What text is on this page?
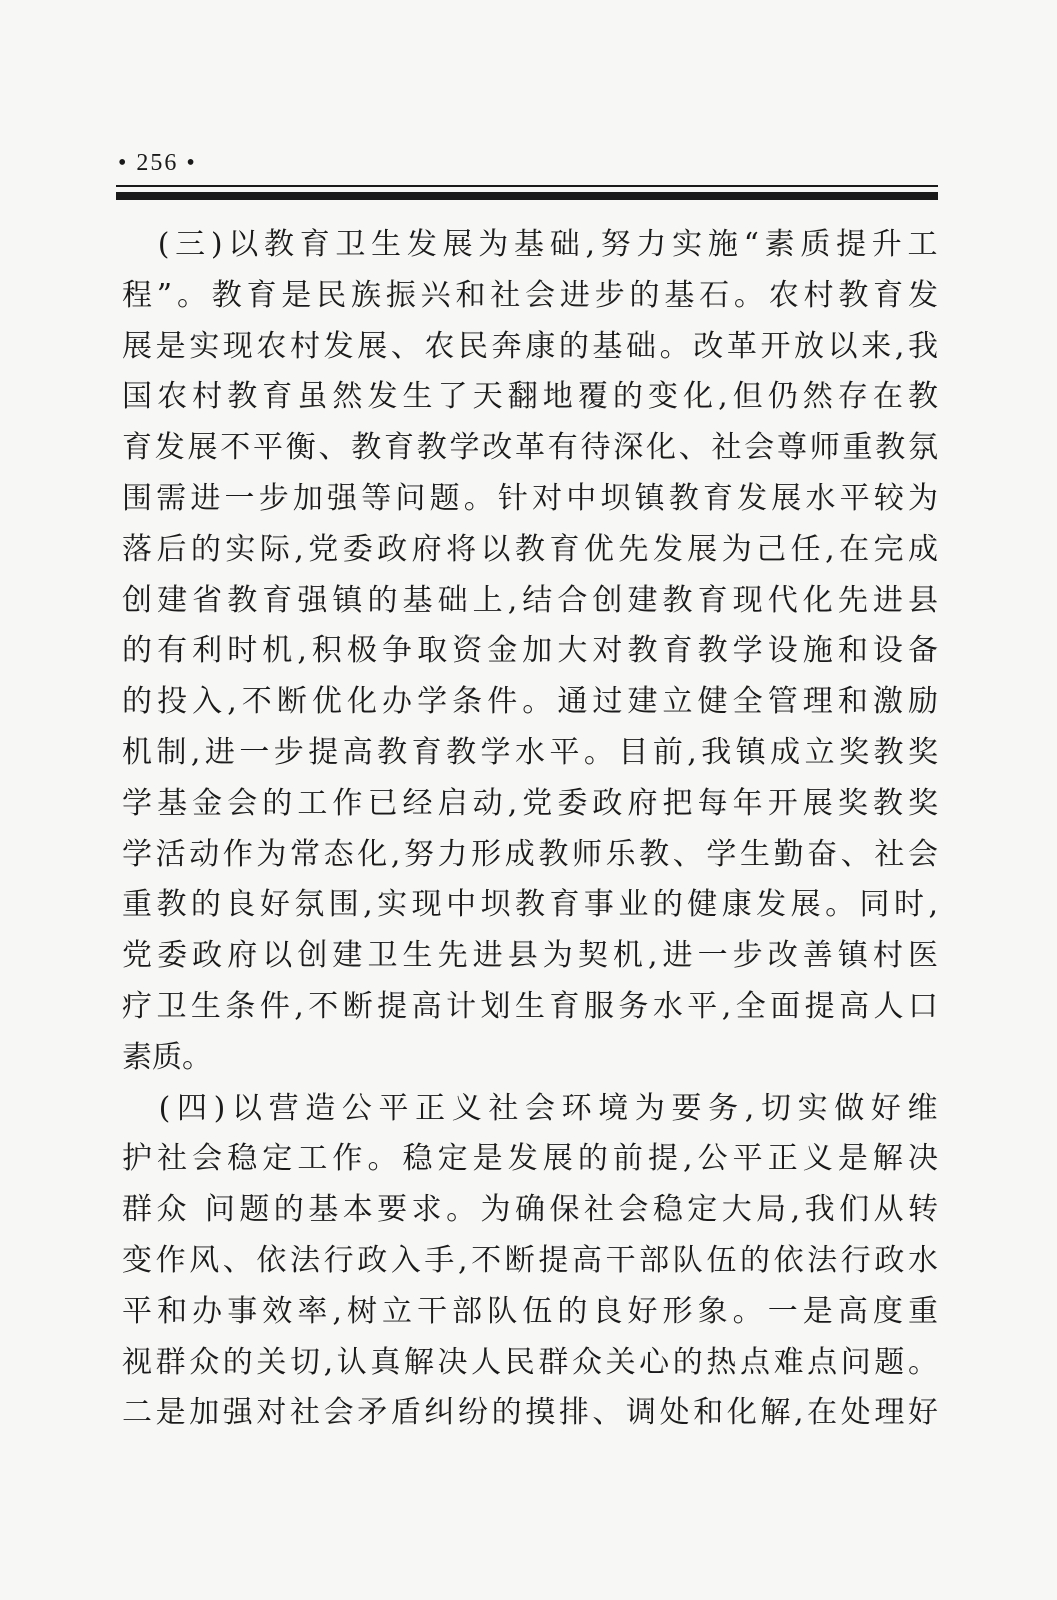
• 256 •
　(三)以教育卫生发展为基础,努力实施“素质提升工
程”。教育是民族振兴和社会进步的基石。农村教育发
展是实现农村发展、农民奔康的基础。改革开放以来,我
国农村教育虽然发生了天翻地覆的变化,但仍然存在教
育发展不平衡、教育教学改革有待深化、社会尊师重教氛
围需进一步加强等问题。针对中坝镇教育发展水平较为
落后的实际,党委政府将以教育优先发展为己任,在完成
创建省教育强镇的基础上,结合创建教育现代化先进县
的有利时机,积极争取资金加大对教育教学设施和设备
的投入,不断优化办学条件。通过建立健全管理和激励
机制,进一步提高教育教学水平。目前,我镇成立奖教奖
学基金会的工作已经启动,党委政府把每年开展奖教奖
学活动作为常态化,努力形成教师乐教、学生勤奋、社会
重教的良好氛围,实现中坝教育事业的健康发展。同时,
党委政府以创建卫生先进县为契机,进一步改善镇村医
疗卫生条件,不断提高计划生育服务水平,全面提高人口
素质。
　(四)以营造公平正义社会环境为要务,切实做好维
护社会稳定工作。稳定是发展的前提,公平正义是解决
群众 问题的基本要求。为确保社会稳定大局,我们从转
变作风、依法行政入手,不断提高干部队伍的依法行政水
平和办事效率,树立干部队伍的良好形象。一是高度重
视群众的关切,认真解决人民群众关心的热点难点问题。
二是加强对社会矛盾纠纷的摸排、调处和化解,在处理好
